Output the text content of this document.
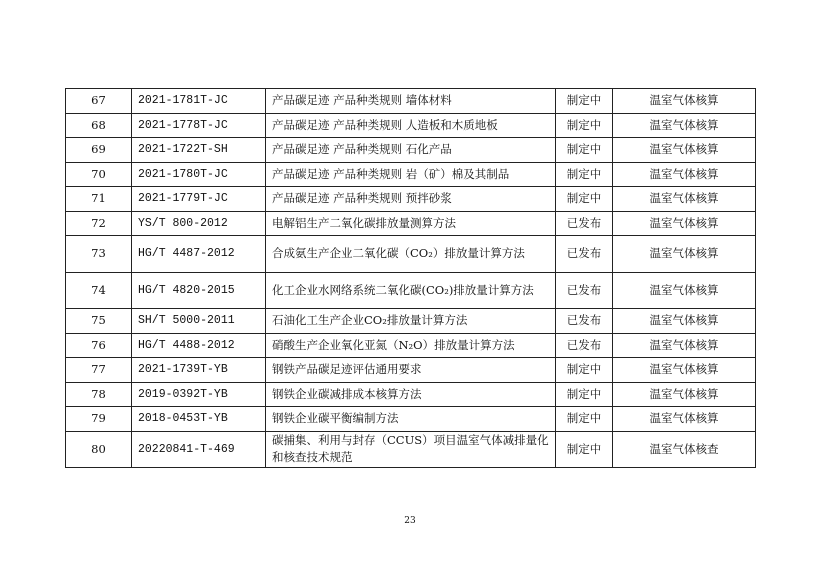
67	2021-1781T-JC	产品碳足迹 产品种类规则 墙体材料	制定中	温室气体核算
68	2021-1778T-JC	产品碳足迹 产品种类规则 人造板和木质地板	制定中	温室气体核算
69	2021-1722T-SH	产品碳足迹 产品种类规则 石化产品	制定中	温室气体核算
70	2021-1780T-JC	产品碳足迹 产品种类规则 岩（矿）棉及其制品	制定中	温室气体核算
71	2021-1779T-JC	产品碳足迹 产品种类规则 预拌砂浆	制定中	温室气体核算
72	YS/T 800-2012	电解铝生产二氧化碳排放量测算方法	已发布	温室气体核算
73	HG/T 4487-2012	合成氨生产企业二氧化碳（CO₂）排放量计算方法	已发布	温室气体核算
74	HG/T 4820-2015	化工企业水网络系统二氧化碳(CO₂)排放量计算方法	已发布	温室气体核算
75	SH/T 5000-2011	石油化工生产企业CO₂排放量计算方法	已发布	温室气体核算
76	HG/T 4488-2012	硝酸生产企业氧化亚氮（N₂O）排放量计算方法	已发布	温室气体核算
77	2021-1739T-YB	钢铁产品碳足迹评估通用要求	制定中	温室气体核算
78	2019-0392T-YB	钢铁企业碳减排成本核算方法	制定中	温室气体核算
79	2018-0453T-YB	钢铁企业碳平衡编制方法	制定中	温室气体核算
80	20220841-T-469	碳捕集、利用与封存（CCUS）项目温室气体减排量化和核查技术规范	制定中	温室气体核查
23
